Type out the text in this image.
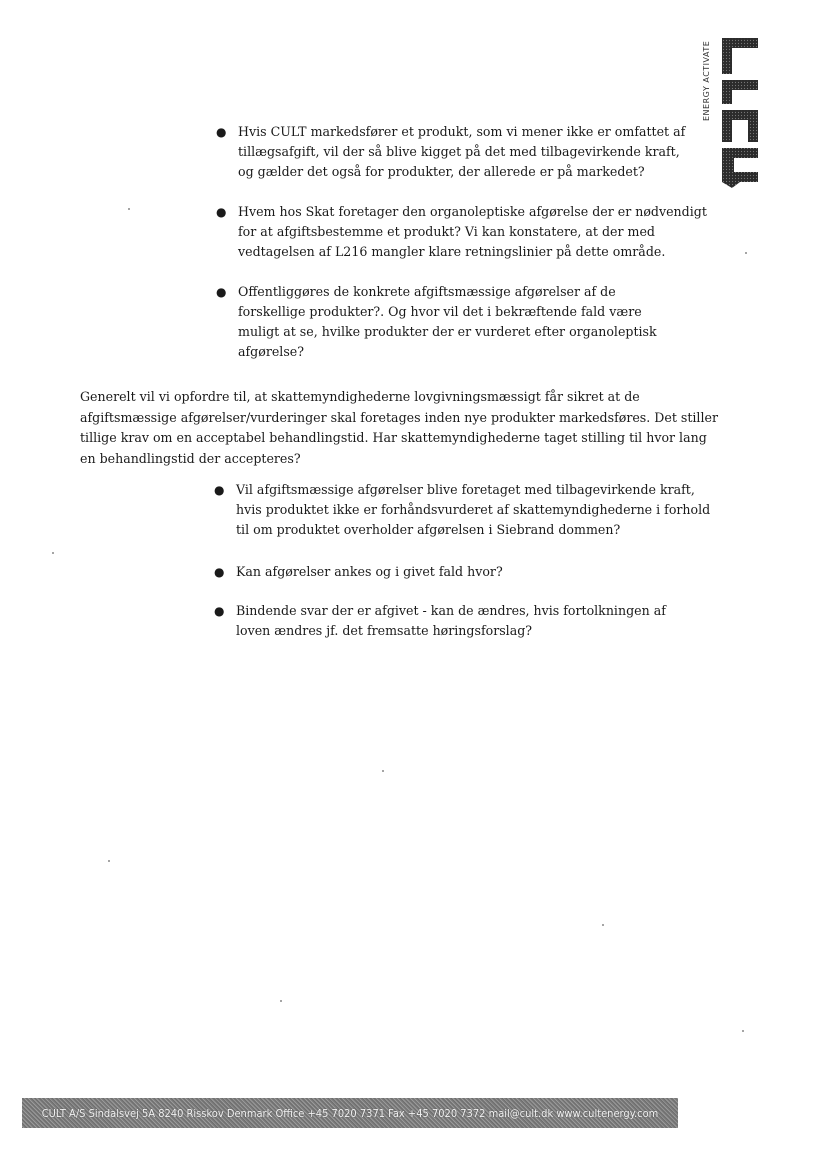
ENERGY ACTIVATE
● Hvis CULT markedsfører et produkt, som vi mener ikke er omfattet af tillægsafgift, vil der så blive kigget på det med tilbagevirkende kraft, og gælder det også for produkter, der allerede er på markedet?
● Hvem hos Skat foretager den organoleptiske afgørelse der er nødvendigt for at afgiftsbestemme et produkt? Vi kan konstatere, at der med vedtagelsen af L216 mangler klare retningslinier på dette område.
● Offentliggøres de konkrete afgiftsmæssige afgørelser af de forskellige produkter?. Og hvor vil det i bekræftende fald være muligt at se, hvilke produkter der er vurderet efter organoleptisk afgørelse?

Generelt vil vi opfordre til, at skattemyndighederne lovgivningsmæssigt får sikret at de afgiftsmæssige afgørelser/vurderinger skal foretages inden nye produkter markedsføres. Det stiller tillige krav om en acceptabel behandlingstid. Har skattemyndighederne taget stilling til hvor lang en behandlingstid der accepteres?

● Vil afgiftsmæssige afgørelser blive foretaget med tilbagevirkende kraft, hvis produktet ikke er forhåndsvurderet af skattemyndighederne i forhold til om produktet overholder afgørelsen i Siebrand dommen?
● Kan afgørelser ankes og i givet fald hvor?
● Bindende svar der er afgivet - kan de ændres, hvis fortolkningen af loven ændres jf. det fremsatte høringsforslag?
CULT A/S Sindalsvej 5A 8240 Risskov Denmark Office +45 7020 7371 Fax +45 7020 7372 mail@cult.dk www.cultenergy.com
